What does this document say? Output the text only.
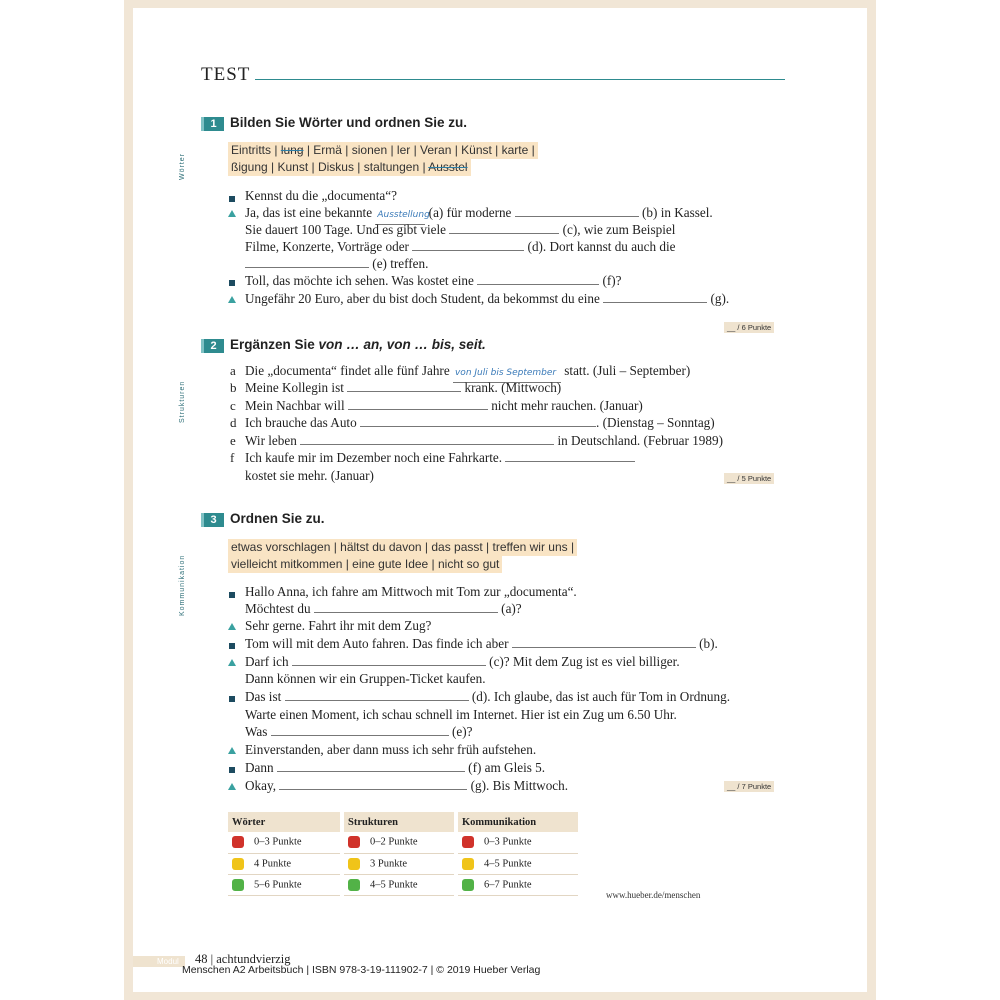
TEST
1 Bilden Sie Wörter und ordnen Sie zu.
Wörter
Eintritts | lung | Ermä | sionen | ler | Veran | Künst | karte |
ßigung | Kunst | Diskus | staltungen | Ausstel
Kennst du die „documenta“?
Ja, das ist eine bekannte Ausstellung (a) für moderne	(b) in Kassel.
Sie dauert 100 Tage. Und es gibt viele	(c), wie zum Beispiel
Filme, Konzerte, Vorträge oder	(d). Dort kannst du auch die
(e) treffen.
Toll, das möchte ich sehen. Was kostet eine	(f)?
Ungefähr 20 Euro, aber du bist doch Student, da bekommst du eine	(g).
__ / 6 Punkte
2 Ergänzen Sie von … an, von … bis, seit.
Strukturen
a Die „documenta“ findet alle fünf Jahre von Juli bis September statt. (Juli – September)
b Meine Kollegin ist	krank. (Mittwoch)
c Mein Nachbar will	nicht mehr rauchen. (Januar)
d Ich brauche das Auto	. (Dienstag – Sonntag)
e Wir leben	in Deutschland. (Februar 1989)
f Ich kaufe mir im Dezember noch eine Fahrkarte.
kostet sie mehr. (Januar)	__ / 5 Punkte
3 Ordnen Sie zu.
Kommunikation
etwas vorschlagen | hältst du davon | das passt | treffen wir uns |
vielleicht mitkommen | eine gute Idee | nicht so gut
Hallo Anna, ich fahre am Mittwoch mit Tom zur „documenta“.
Möchtest du	(a)?
Sehr gerne. Fahrt ihr mit dem Zug?
Tom will mit dem Auto fahren. Das finde ich aber	(b).
Darf ich	(c)? Mit dem Zug ist es viel billiger.
Dann können wir ein Gruppen-Ticket kaufen.
Das ist	(d). Ich glaube, das ist auch für Tom in Ordnung.
Warte einen Moment, ich schau schnell im Internet. Hier ist ein Zug um 6.50 Uhr.
Was	(e)?
Einverstanden, aber dann muss ich sehr früh aufstehen.
Dann	(f) am Gleis 5.
Okay,	(g). Bis Mittwoch.	__ / 7 Punkte
Wörter	Strukturen	Kommunikation
0–3 Punkte	0–2 Punkte	0–3 Punkte
4 Punkte	3 Punkte	4–5 Punkte
5–6 Punkte	4–5 Punkte	6–7 Punkte
www.hueber.de/menschen
Modul 2
48 | achtundvierzig
Menschen A2 Arbeitsbuch | ISBN 978-3-19-111902-7 | © 2019 Hueber Verlag
